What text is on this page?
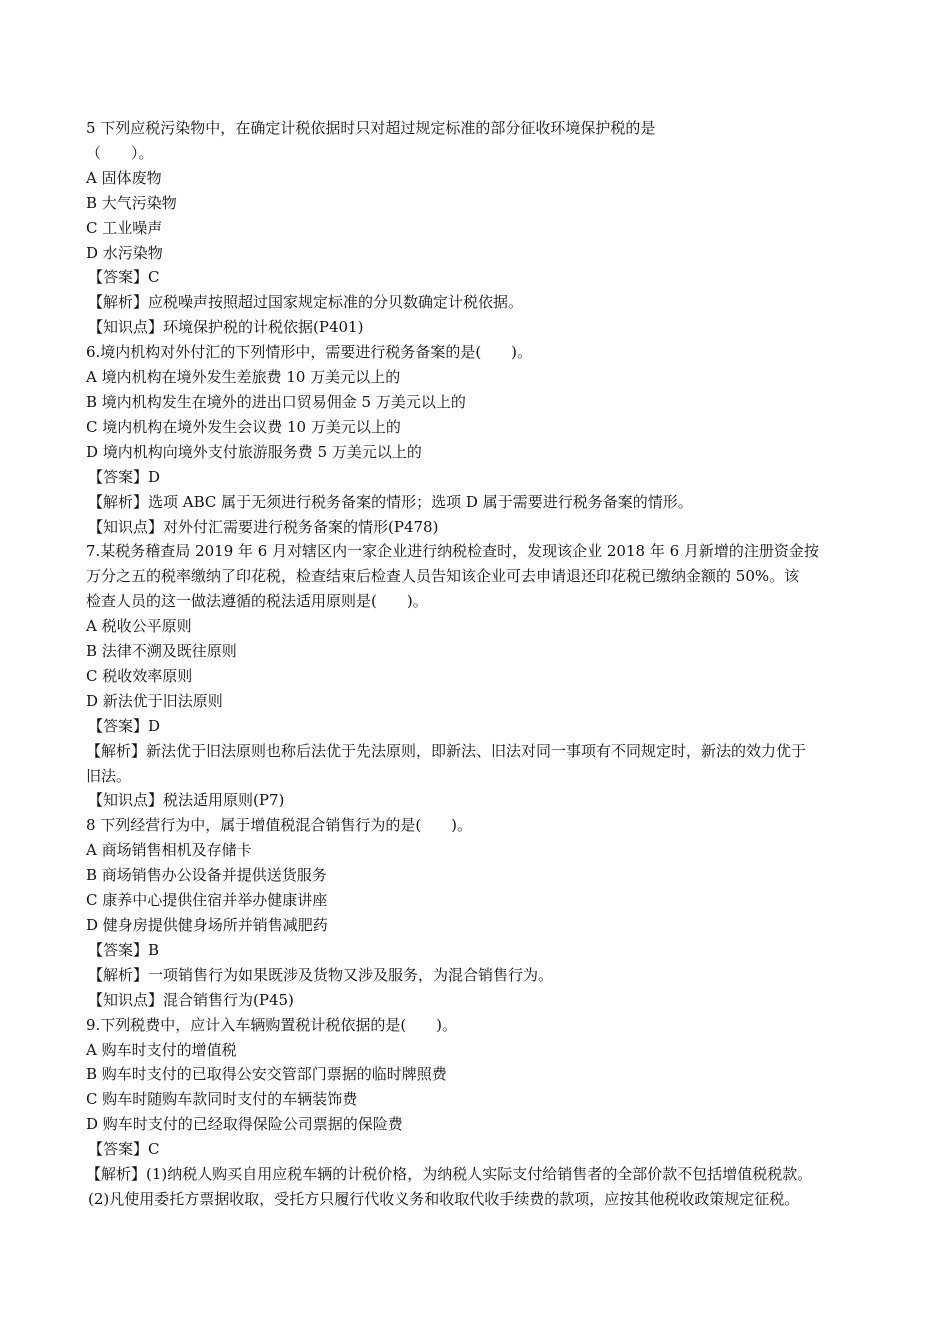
5 下列应税污染物中，在确定计税依据时只对超过规定标准的部分征收环境保护税的是
（　　）。
A 固体废物
B 大气污染物
C 工业噪声
D 水污染物
【答案】C
【解析】应税噪声按照超过国家规定标准的分贝数确定计税依据。
【知识点】环境保护税的计税依据(P401)
6.境内机构对外付汇的下列情形中，需要进行税务备案的是(　　)。
A 境内机构在境外发生差旅费 10 万美元以上的
B 境内机构发生在境外的进出口贸易佣金 5 万美元以上的
C 境内机构在境外发生会议费 10 万美元以上的
D 境内机构向境外支付旅游服务费 5 万美元以上的
【答案】D
【解析】选项 ABC 属于无须进行税务备案的情形；选项 D 属于需要进行税务备案的情形。
【知识点】对外付汇需要进行税务备案的情形(P478)
7.某税务稽查局 2019 年 6 月对辖区内一家企业进行纳税检查时，发现该企业 2018 年 6 月新增的注册资金按
万分之五的税率缴纳了印花税，检查结束后检查人员告知该企业可去申请退还印花税已缴纳金额的 50%。该
检查人员的这一做法遵循的税法适用原则是(　　)。
A 税收公平原则
B 法律不溯及既往原则
C 税收效率原则
D 新法优于旧法原则
【答案】D
【解析】新法优于旧法原则也称后法优于先法原则，即新法、旧法对同一事项有不同规定时，新法的效力优于
旧法。
【知识点】税法适用原则(P7)
8 下列经营行为中，属于增值税混合销售行为的是(　　)。
A 商场销售相机及存储卡
B 商场销售办公设备并提供送货服务
C 康养中心提供住宿并举办健康讲座
D 健身房提供健身场所并销售减肥药
【答案】B
【解析】一项销售行为如果既涉及货物又涉及服务，为混合销售行为。
【知识点】混合销售行为(P45)
9.下列税费中，应计入车辆购置税计税依据的是(　　)。
A 购车时支付的增值税
B 购车时支付的已取得公安交管部门票据的临时牌照费
C 购车时随购车款同时支付的车辆装饰费
D 购车时支付的已经取得保险公司票据的保险费
【答案】C
【解析】(1)纳税人购买自用应税车辆的计税价格，为纳税人实际支付给销售者的全部价款不包括增值税税款。
(2)凡使用委托方票据收取，受托方只履行代收义务和收取代收手续费的款项，应按其他税收政策规定征税。
